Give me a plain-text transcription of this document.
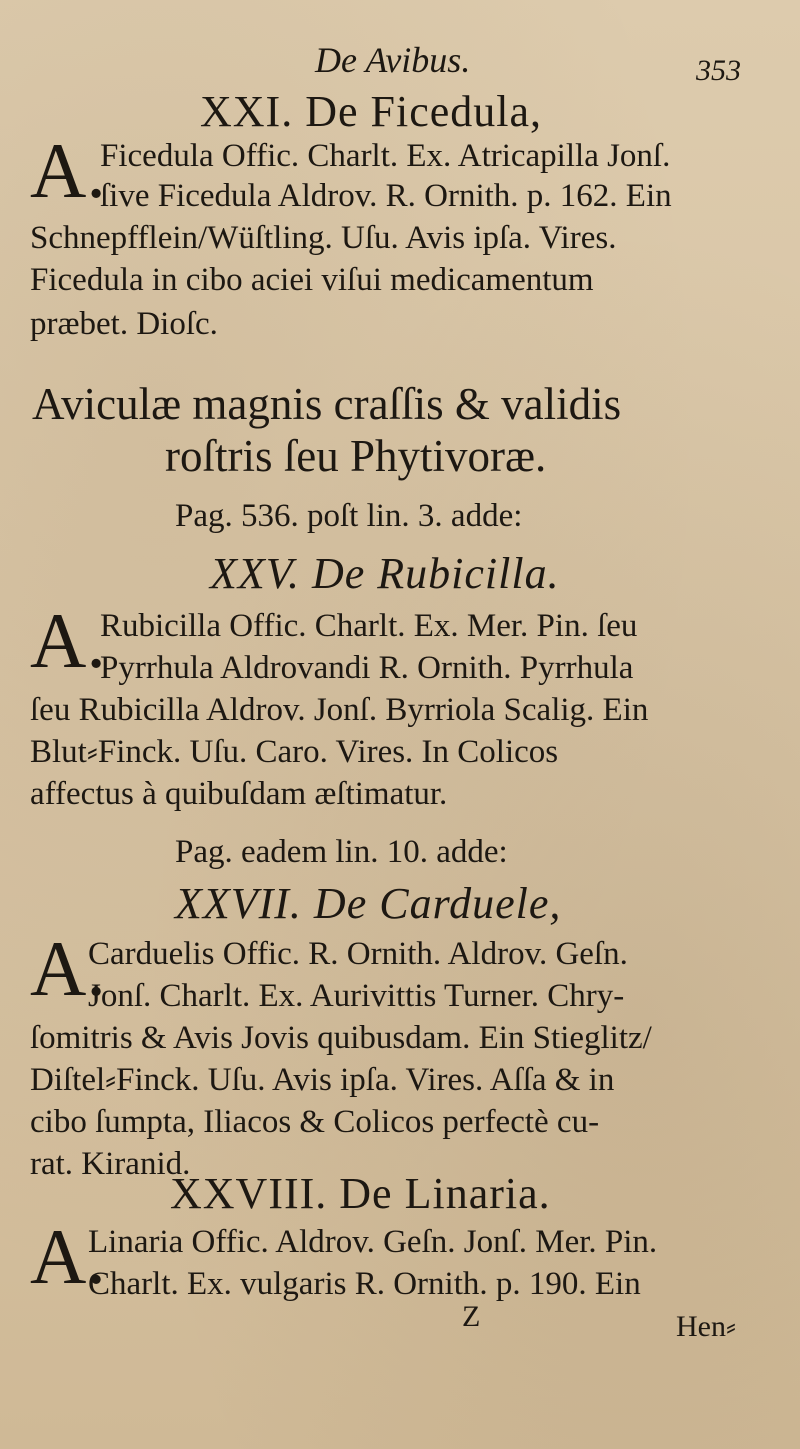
De Avibus.	353
XXI. De Ficedula,
A.
Ficedula Offic. Charlt. Ex. Atricapilla Jonſ.
ſive Ficedula Aldrov. R. Ornith. p. 162. Ein
Schnepfflein/Wüſtling. Uſu. Avis ipſa. Vires.
Ficedula in cibo aciei viſui medicamentum
præbet. Dioſc.
Aviculæ magnis craſſis & validis
roſtris ſeu Phytivoræ.
Pag. 536. poſt lin. 3. adde:
XXV. De Rubicilla.
A.
Rubicilla Offic. Charlt. Ex. Mer. Pin. ſeu
Pyrrhula Aldrovandi R. Ornith. Pyrrhula
ſeu Rubicilla Aldrov. Jonſ. Byrriola Scalig. Ein
Blut⸗Finck. Uſu. Caro. Vires. In Colicos
affectus à quibuſdam æſtimatur.
Pag. eadem lin. 10. adde:
XXVII. De Carduele,
A.
Carduelis Offic. R. Ornith. Aldrov. Geſn.
Jonſ. Charlt. Ex. Aurivittis Turner. Chry-
ſomitris & Avis Jovis quibusdam. Ein Stieglitz/
Diſtel⸗Finck. Uſu. Avis ipſa. Vires. Aſſa & in
cibo ſumpta, Iliacos & Colicos perfectè cu-
rat. Kiranid.
XXVIII. De Linaria.
A.
Linaria Offic. Aldrov. Geſn. Jonſ. Mer. Pin.
Charlt. Ex. vulgaris R. Ornith. p. 190. Ein
Z	Hen⸗
